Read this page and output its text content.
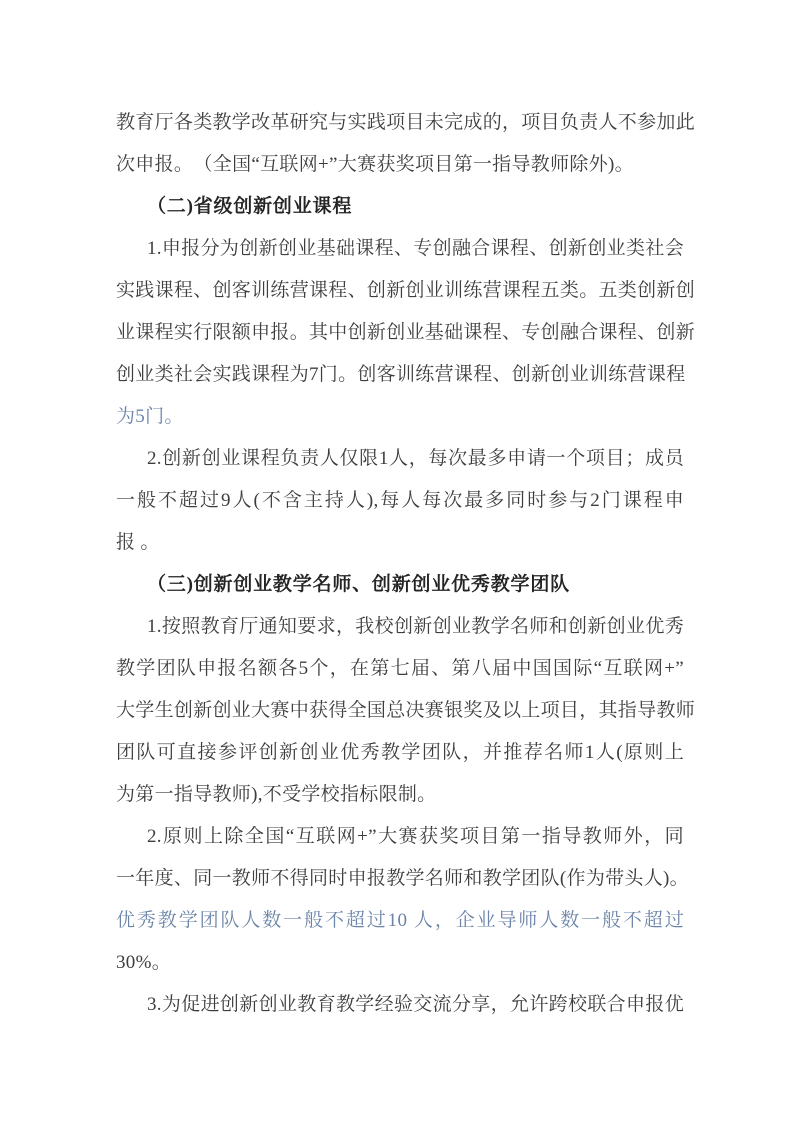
教育厅各类教学改革研究与实践项目未完成的，项目负责人不参加此
次申报。　（全国“互联网+”大赛获奖项目第一指导教师除外)。
（二)省级创新创业课程
1.申报分为创新创业基础课程、专创融合课程、创新创业类社会
实践课程、创客训练营课程、创新创业训练营课程五类。五类创新创
业课程实行限额申报。其中创新创业基础课程、专创融合课程、创新
创业类社会实践课程为7门。创客训练营课程、创新创业训练营课程
为5门。
2.创新创业课程负责人仅限1人，每次最多申请一个项目；成员
一般不超过9人(不含主持人),每人每次最多同时参与2门课程申
报 。
（三)创新创业教学名师、创新创业优秀教学团队
1.按照教育厅通知要求，我校创新创业教学名师和创新创业优秀
教学团队申报名额各5个，在第七届、第八届中国国际“互联网+”
大学生创新创业大赛中获得全国总决赛银奖及以上项目，其指导教师
团队可直接参评创新创业优秀教学团队，并推荐名师1人(原则上
为第一指导教师),不受学校指标限制。
2.原则上除全国“互联网+”大赛获奖项目第一指导教师外，同
一年度、同一教师不得同时申报教学名师和教学团队(作为带头人)。
优秀教学团队人数一般不超过10 人，企业导师人数一般不超过
30%。
3.为促进创新创业教育教学经验交流分享，允许跨校联合申报优
